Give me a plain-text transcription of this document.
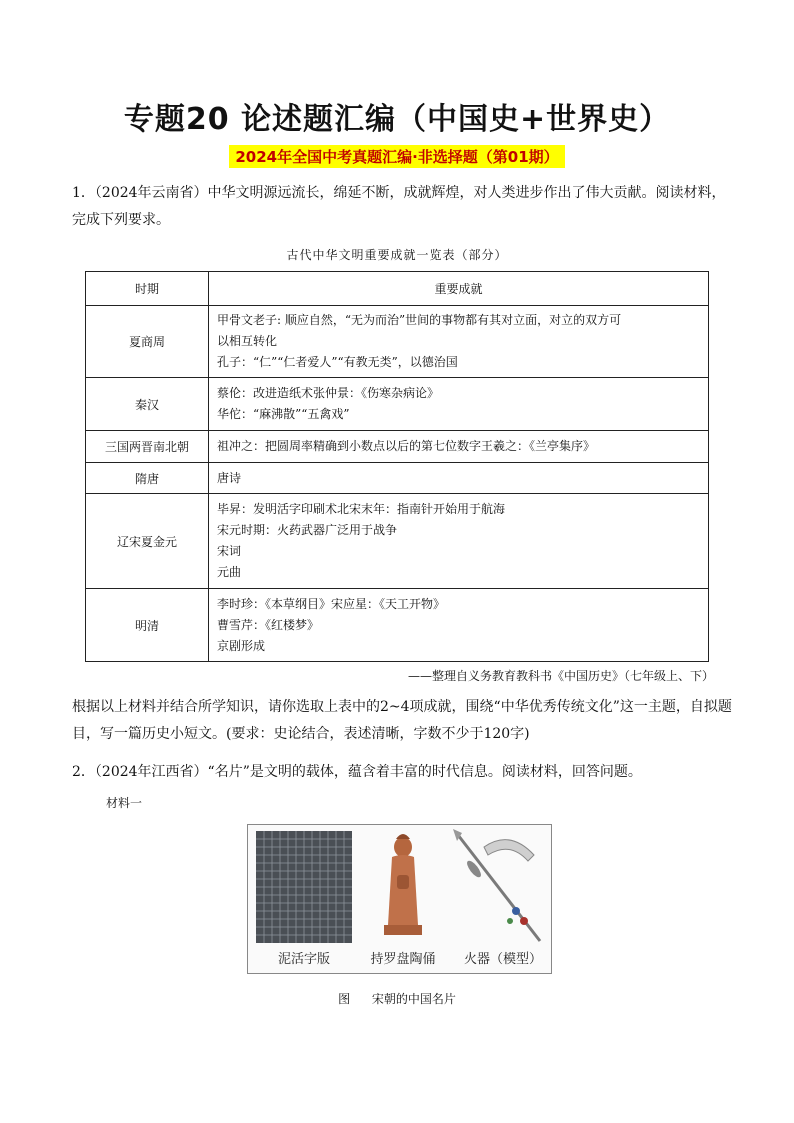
专题20 论述题汇编（中国史+世界史）
2024年全国中考真题汇编·非选择题（第01期）
1．（2024年云南省）中华文明源远流长，绵延不断，成就辉煌，对人类进步作出了伟大贡献。阅读材料，完成下列要求。
古代中华文明重要成就一览表（部分）
时期	重要成就
夏商周	甲骨文老子: 顺应自然，“无为而治”世间的事物都有其对立面，对立的双方可
以相互转化
孔子：“仁”“仁者爱人”“有教无类”，以德治国

秦汉	蔡伦：改进造纸术张仲景：《伤寒杂病论》
华佗：“麻沸散”“五禽戏”

三国两晋南北朝	祖冲之：把圆周率精确到小数点以后的第七位数字王羲之：《兰亭集序》

隋唐	唐诗

辽宋夏金元	毕昇：发明活字印刷术北宋末年：指南针开始用于航海
宋元时期：火药武器广泛用于战争
宋词
元曲

明清	李时珍：《本草纲目》宋应星：《天工开物》
曹雪芹：《红楼梦》
京剧形成
——整理自义务教育教科书《中国历史》（七年级上、下）
根据以上材料并结合所学知识，请你选取上表中的2~4项成就，围绕“中华优秀传统文化”这一主题，自拟题目，写一篇历史小短文。(要求：史论结合，表述清晰，字数不少于120字)
2．（2024年江西省）“名片”是文明的载体，蕴含着丰富的时代信息。阅读材料，回答问题。
材料一
泥活字版	持罗盘陶俑 火器（模型）
图 宋朝的中国名片
